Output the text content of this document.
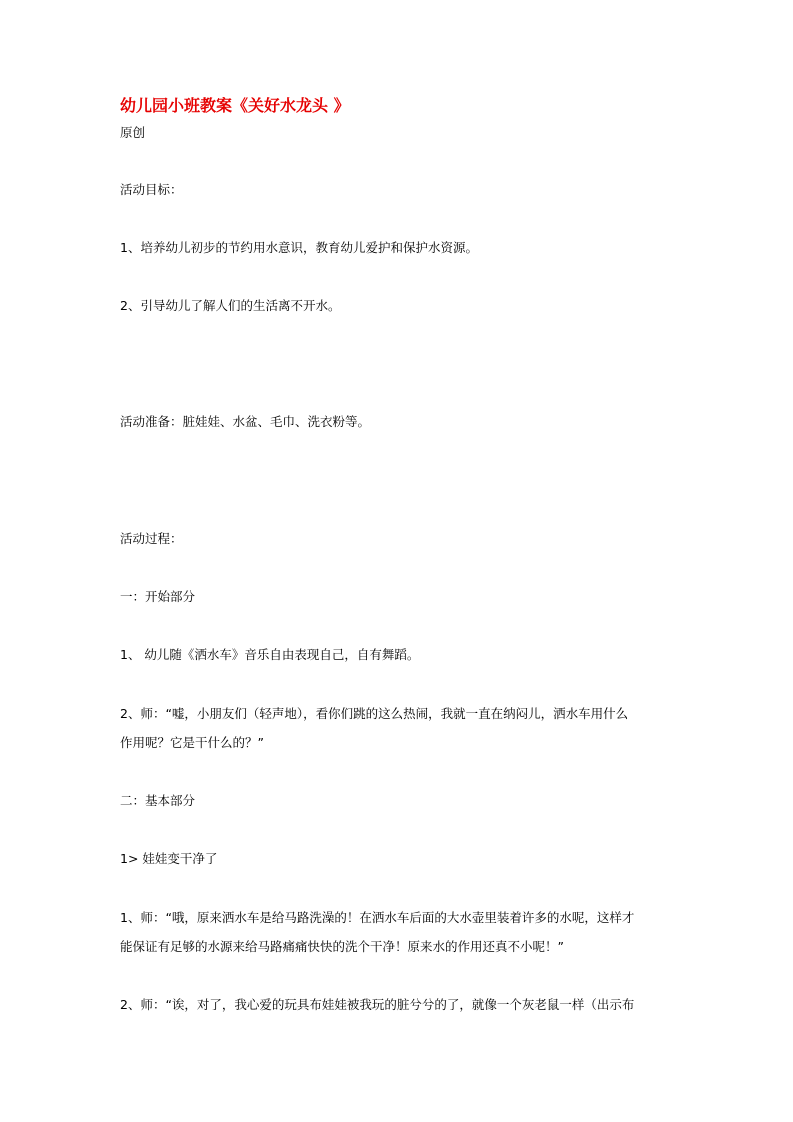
幼儿园小班教案《关好水龙头 》
原创
活动目标：
1、培养幼儿初步的节约用水意识，教育幼儿爱护和保护水资源。
2、引导幼儿了解人们的生活离不开水。
活动准备：脏娃娃、水盆、毛巾、洗衣粉等。
活动过程：
一：开始部分
1、 幼儿随《洒水车》音乐自由表现自己，自有舞蹈。
2、师：“嘘，小朋友们（轻声地），看你们跳的这么热闹，我就一直在纳闷儿，洒水车用什么
作用呢？它是干什么的？”
二：基本部分
1> 娃娃变干净了
1、师：“哦，原来洒水车是给马路洗澡的！在洒水车后面的大水壶里装着许多的水呢，这样才
能保证有足够的水源来给马路痛痛快快的洗个干净！原来水的作用还真不小呢！”
2、师：“诶，对了，我心爱的玩具布娃娃被我玩的脏兮兮的了，就像一个灰老鼠一样（出示布
